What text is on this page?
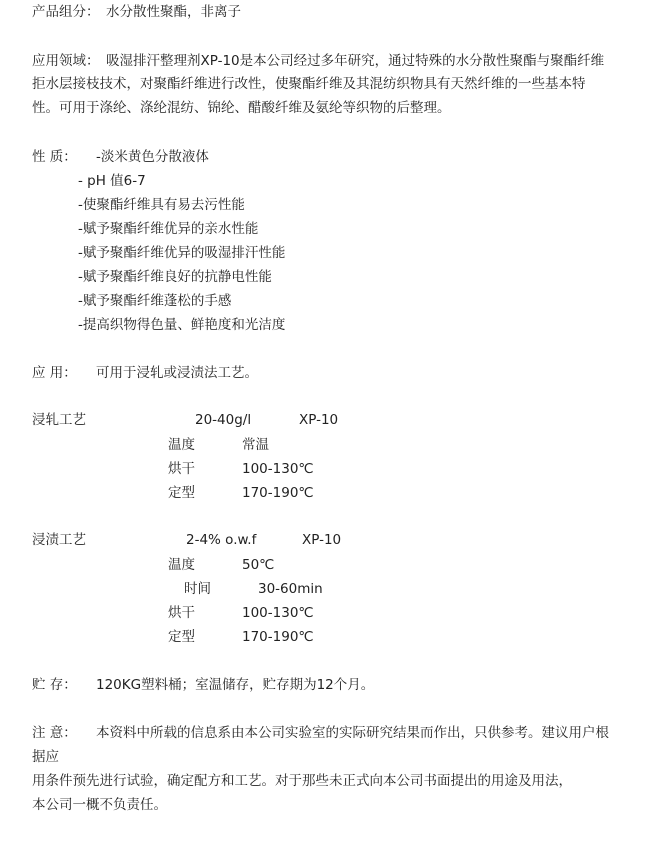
产品组分： 水分散性聚酯，非离子
应用领域： 吸湿排汗整理剂XP-10是本公司经过多年研究，通过特殊的水分散性聚酯与聚酯纤维
拒水层接枝技术，对聚酯纤维进行改性，使聚酯纤维及其混纺织物具有天然纤维的一些基本特
性。可用于涤纶、涤纶混纺、锦纶、醋酸纤维及氨纶等织物的后整理。
性 质： -淡米黄色分散液体
- pH 值6-7
-使聚酯纤维具有易去污性能
-赋予聚酯纤维优异的亲水性能
-赋予聚酯纤维优异的吸湿排汗性能
-赋予聚酯纤维良好的抗静电性能
-赋予聚酯纤维蓬松的手感
-提高织物得色量、鲜艳度和光洁度
应 用： 可用于浸轧或浸渍法工艺。
浸轧工艺	20-40g/l	XP-10
温度	常温
烘干	100-130℃
定型	170-190℃
浸渍工艺	2-4% o.w.f	XP-10
温度	50℃
时间	30-60min
烘干	100-130℃
定型	170-190℃
贮 存： 120KG塑料桶；室温储存，贮存期为12个月。
注 意： 本资料中所载的信息系由本公司实验室的实际研究结果而作出，只供参考。建议用户根
据应
用条件预先进行试验，确定配方和工艺。对于那些未正式向本公司书面提出的用途及用法，
本公司一概不负责任。
